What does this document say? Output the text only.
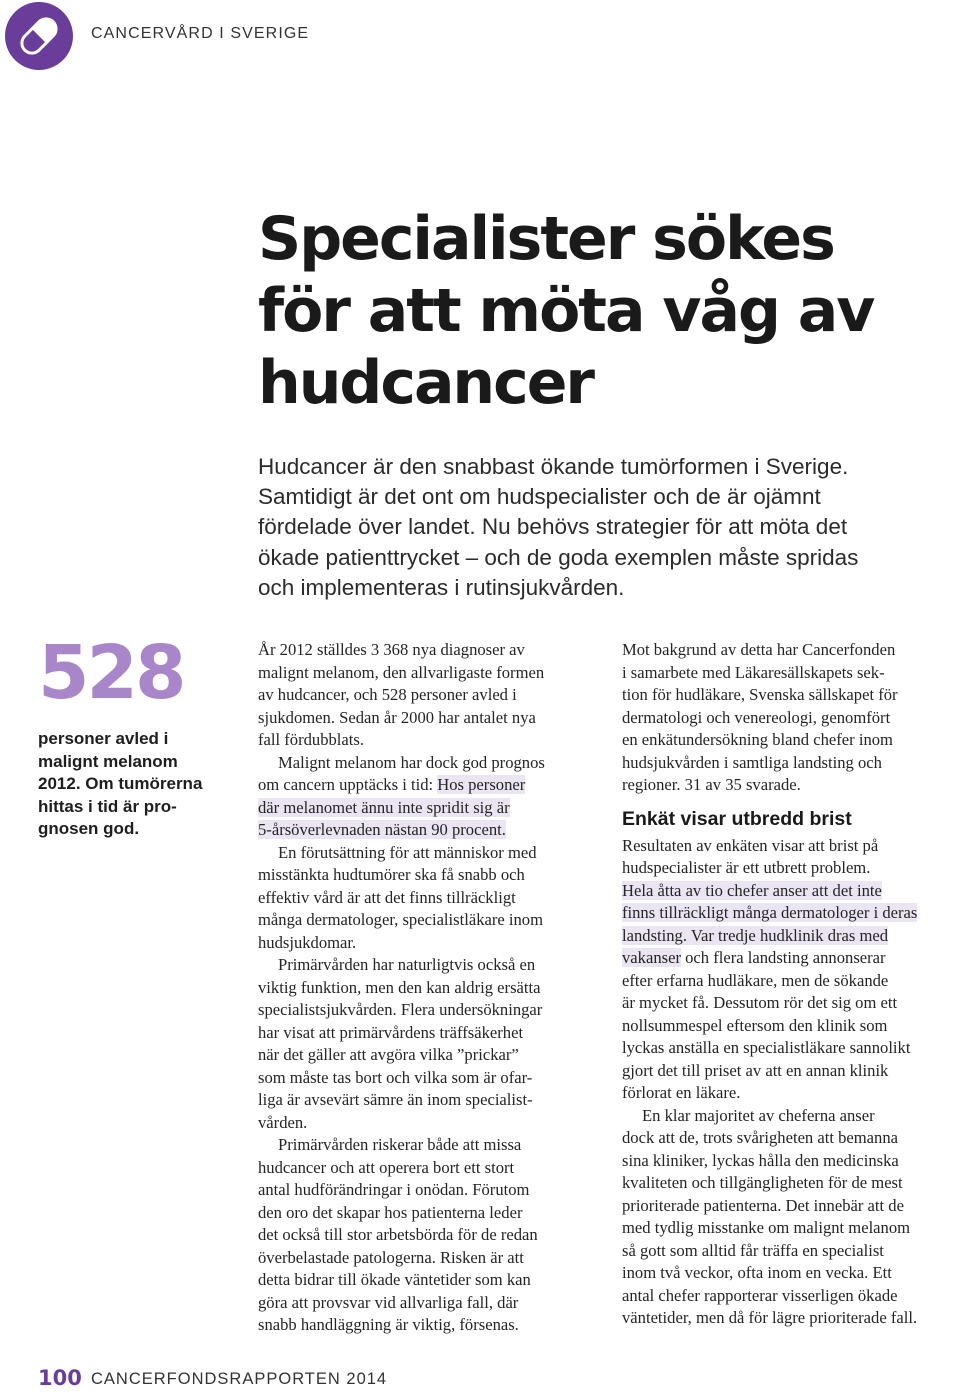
CANCERVÅRD I SVERIGE
Specialister sökes
för att möta våg av
hudcancer

Hudcancer är den snabbast ökande tumörformen i Sverige.
Samtidigt är det ont om hudspecialister och de är ojämnt
fördelade över landet. Nu behövs strategier för att möta det
ökade patienttrycket – och de goda exemplen måste spridas
och implementeras i rutinsjukvården.

528

personer avled i
malignt melanom
2012. Om tumörerna
hittas i tid är pro-
gnosen god.

År 2012 ställdes 3 368 nya diagnoser av
malignt melanom, den allvarligaste formen
av hudcancer, och 528 personer avled i
sjukdomen. Sedan år 2000 har antalet nya
fall fördubblats.
Malignt melanom har dock god prognos
om cancern upptäcks i tid: Hos personer
där melanomet ännu inte spridit sig är
5-årsöverlevnaden nästan 90 procent.
En förutsättning för att människor med
misstänkta hudtumörer ska få snabb och
effektiv vård är att det finns tillräckligt
många dermatologer, specialistläkare inom
hudsjukdomar.
Primärvården har naturligtvis också en
viktig funktion, men den kan aldrig ersätta
specialistsjukvården. Flera undersökningar
har visat att primärvårdens träffsäkerhet
när det gäller att avgöra vilka ”prickar”
som måste tas bort och vilka som är ofar-
liga är avsevärt sämre än inom specialist-
vården.
Primärvården riskerar både att missa
hudcancer och att operera bort ett stort
antal hudförändringar i onödan. Förutom
den oro det skapar hos patienterna leder
det också till stor arbetsbörda för de redan
överbelastade patologerna. Risken är att
detta bidrar till ökade väntetider som kan
göra att provsvar vid allvarliga fall, där
snabb handläggning är viktig, försenas.
Mot bakgrund av detta har Cancerfonden
i samarbete med Läkaresällskapets sek-
tion för hudläkare, Svenska sällskapet för
dermatologi och venereologi, genomfört
en enkätundersökning bland chefer inom
hudsjukvården i samtliga landsting och
regioner. 31 av 35 svarade.
Enkät visar utbredd brist
Resultaten av enkäten visar att brist på
hudspecialister är ett utbrett problem.
Hela åtta av tio chefer anser att det inte
finns tillräckligt många dermatologer i deras
landsting. Var tredje hudklinik dras med
vakanser och flera landsting annonserar
efter erfarna hudläkare, men de sökande
är mycket få. Dessutom rör det sig om ett
nollsummespel eftersom den klinik som
lyckas anställa en specialistläkare sannolikt
gjort det till priset av att en annan klinik
förlorat en läkare.
En klar majoritet av cheferna anser
dock att de, trots svårigheten att bemanna
sina kliniker, lyckas hålla den medicinska
kvaliteten och tillgängligheten för de mest
prioriterade patienterna. Det innebär att de
med tydlig misstanke om malignt melanom
så gott som alltid får träffa en specialist
inom två veckor, ofta inom en vecka. Ett
antal chefer rapporterar visserligen ökade
väntetider, men då för lägre prioriterade fall.
100 CANCERFONDSRAPPORTEN 2014
